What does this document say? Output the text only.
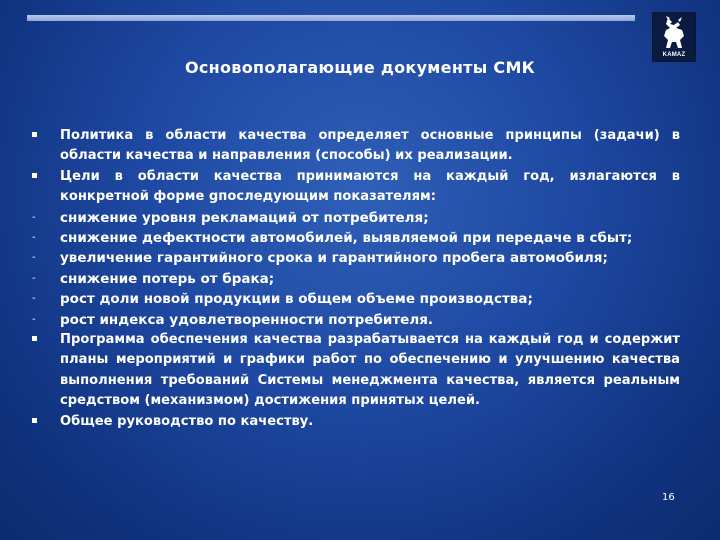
KAMAZ
Основополагающие документы СМК
Политика в области качества определяет основные принципы (задачи) в области качества и направления (способы) их реализации.
Цели в области качества принимаются на каждый год, излагаются в конкретной форме gпоследующим показателям:
- снижение уровня рекламаций от потребителя;
- снижение дефектности автомобилей, выявляемой при передаче в сбыт;
- увеличение гарантийного срока и гарантийного пробега автомобиля;
- снижение потерь от брака;
- рост доли новой продукции в общем объеме производства;
- рост индекса удовлетворенности потребителя.
Программа обеспечения качества разрабатывается на каждый год и содержит планы мероприятий и графики работ по обеспечению и улучшению качества выполнения требований Системы менеджмента качества, является реальным средством (механизмом) достижения принятых целей.
Общее руководство по качеству.
16
